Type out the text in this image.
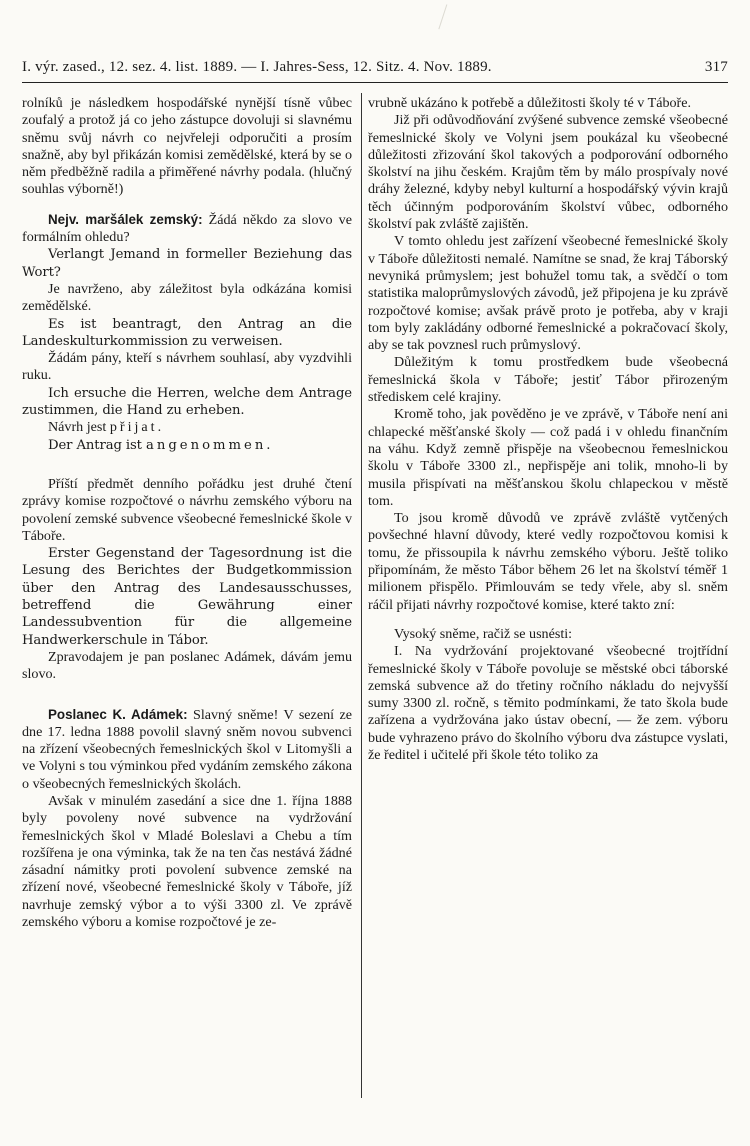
I. výr. zased., 12. sez. 4. list. 1889. — I. Jahres-Sess, 12. Sitz. 4. Nov. 1889.	317

rolníků je následkem hospodářské nynější tísně vůbec zoufalý a protož já co jeho zástupce dovoluji si slavnému sněmu svůj návrh co nejvřeleji odporučiti a prosím snažně, aby byl přikázán komisi zemědělské, která by se o něm předběžně radila a přiměřené návrhy podala. (hlučný souhlas výborně!)

Nejv. maršálek zemský: Žádá někdo za slovo ve formálním ohledu?

Verlangt Jemand in formeller Beziehung das Wort?

Je navrženo, aby záležitost byla odkázána komisi zemědělské.

Es ist beantragt, den Antrag an die Landeskulturkommission zu verweisen.

Žádám pány, kteří s návrhem souhlasí, aby vyzdvihli ruku.

Ich ersuche die Herren, welche dem Antrage zustimmen, die Hand zu erheben.

Návrh jest přijat.

Der Antrag ist angenommen.

Příští předmět denního pořádku jest druhé čtení zprávy komise rozpočtové o návrhu zemského výboru na povolení zemské subvence všeobecné řemeslnické škole v Táboře.

Erster Gegenstand der Tagesordnung ist die Lesung des Berichtes der Budgetkommission über den Antrag des Landesausschusses, betreffend die Gewährung einer Landessubvention für die allgemeine Handwerkerschule in Tábor.

Zpravodajem je pan poslanec Adámek, dávám jemu slovo.

Poslanec K. Adámek: Slavný sněme! V sezení ze dne 17. ledna 1888 povolil slavný sněm novou subvenci na zřízení všeobecných řemeslnických škol v Litomyšli a ve Volyni s tou výminkou před vydáním zemského zákona o všeobecných řemeslnických školách.

Avšak v minulém zasedání a sice dne 1. října 1888 byly povoleny nové subvence na vydržování řemeslnických škol v Mladé Boleslavi a Chebu a tím rozšířena je ona výminka, tak že na ten čas nestává žádné zásadní námitky proti povolení subvence zemské na zřízení nové, všeobecné řemeslnické školy v Táboře, jíž navrhuje zemský výbor a to výši 3300 zl. Ve zprávě zemského výboru a komise rozpočtové je ze-

vrubně ukázáno k potřebě a důležitosti školy té v Táboře.

Již při odůvodňování zvýšené subvence zemské všeobecné řemeslnické školy ve Volyni jsem poukázal ku všeobecné důležitosti zřizování škol takových a podporování odborného školství na jihu českém. Krajům těm by málo prospívaly nové dráhy železné, kdyby nebyl kulturní a hospodářský vývin krajů těch účinným podporováním školství vůbec, odborného školství pak zvláště zajištěn.

V tomto ohledu jest zařízení všeobecné řemeslnické školy v Táboře důležitosti nemalé. Namítne se snad, že kraj Táborský nevyniká průmyslem; jest bohužel tomu tak, a svědčí o tom statistika maloprůmyslových závodů, jež připojena je ku zprávě rozpočtové komise; avšak právě proto je potřeba, aby v kraji tom byly zakládány odborné řemeslnické a pokračovací školy, aby se tak povznesl ruch průmyslový.

Důležitým k tomu prostředkem bude všeobecná řemeslnická škola v Táboře; jestiť Tábor přirozeným střediskem celé krajiny.

Kromě toho, jak pověděno je ve zprávě, v Táboře není ani chlapecké měšťanské školy — což padá i v ohledu finančním na váhu. Když zemně přispěje na všeobecnou řemeslnickou školu v Táboře 3300 zl., nepřispěje ani tolik, mnoho-li by musila přispívati na měšťanskou školu chlapeckou v městě tom.

To jsou kromě důvodů ve zprávě zvláště vytčených povšechné hlavní důvody, které vedly rozpočtovou komisi k tomu, že přissoupila k návrhu zemského výboru. Ještě toliko připomínám, že město Tábor během 26 let na školství téměř 1 milionem přispělo. Přimlouvám se tedy vřele, aby sl. sněm ráčil přijati návrhy rozpočtové komise, které takto zní:

Vysoký sněme, račiž se usnésti:

I. Na vydržování projektované všeobecné trojtřídní řemeslnické školy v Táboře povoluje se městské obci táborské zemská subvence až do třetiny ročního nákladu do nejvyšší sumy 3300 zl. ročně, s těmito podmínkami, že tato škola bude zařízena a vydržována jako ústav obecní, — že zem. výboru bude vyhrazeno právo do školního výboru dva zástupce vyslati, že ředitel i učitelé při škole této toliko za
